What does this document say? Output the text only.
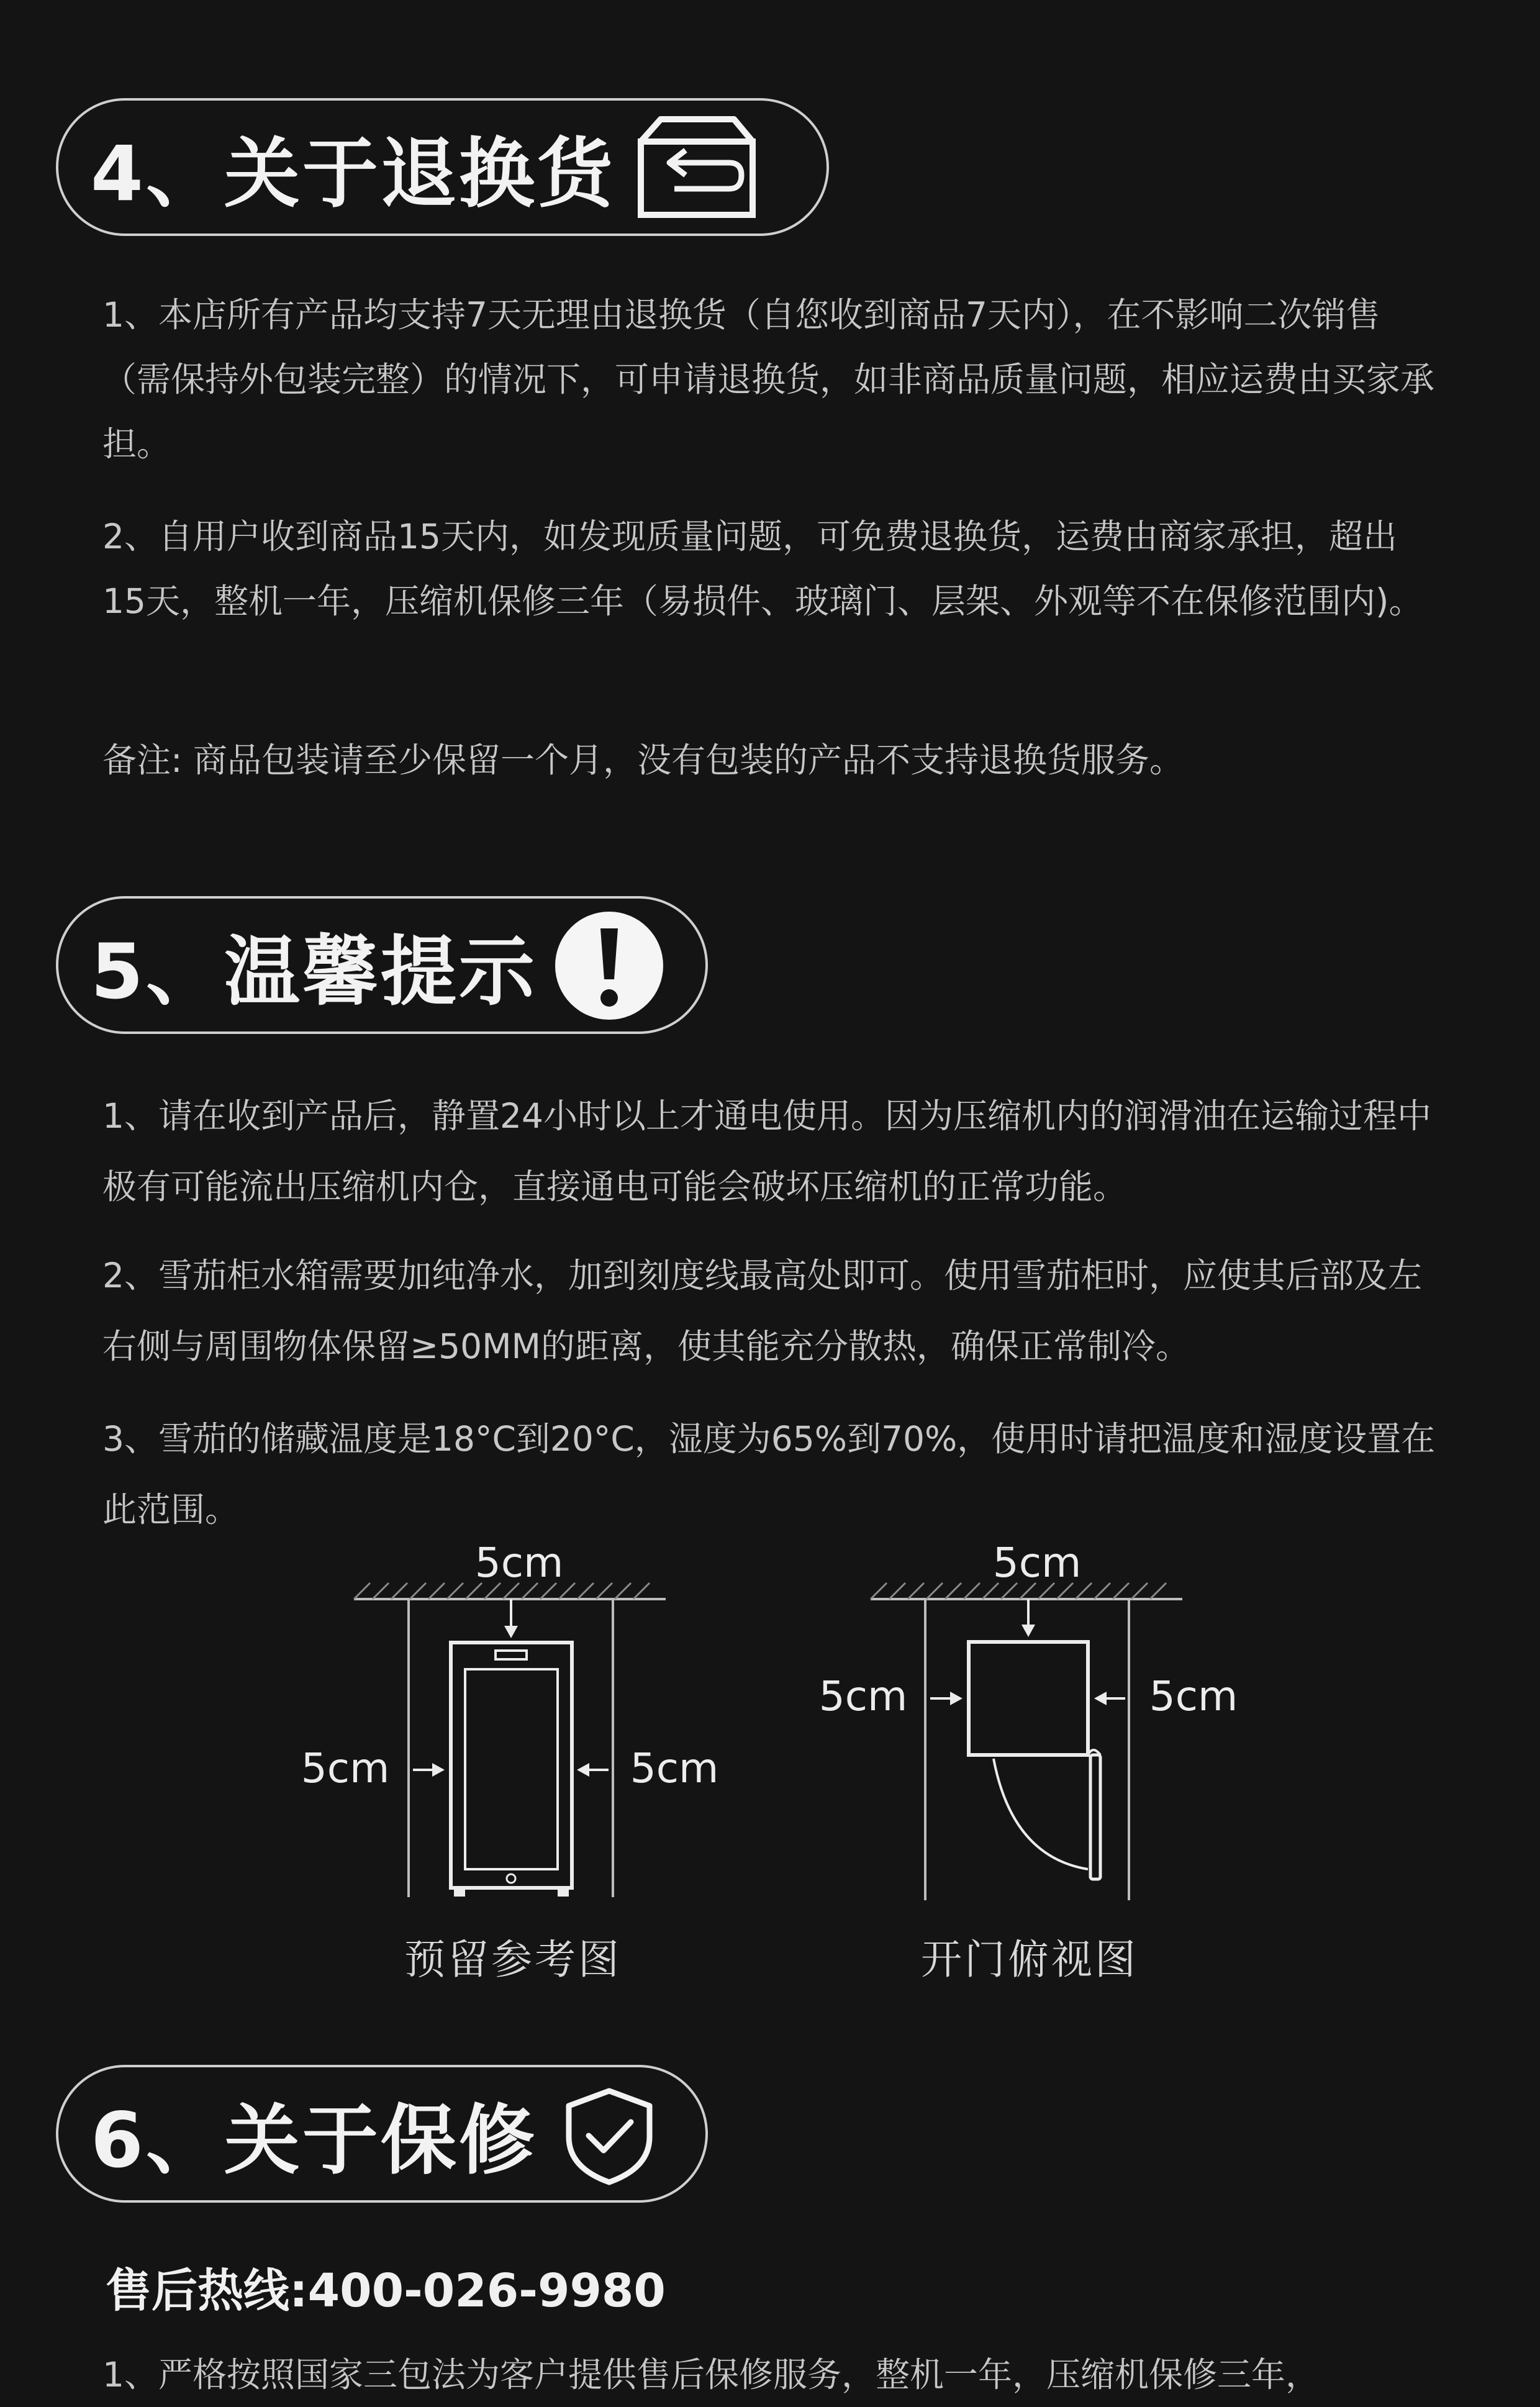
4、关于退换货

1、本店所有产品均支持7天无理由退换货（自您收到商品7天内），在不影响二次销售（需保持外包装完整）的情况下，可申请退换货，如非商品质量问题，相应运费由买家承担。

2、自用户收到商品15天内，如发现质量问题，可免费退换货，运费由商家承担，超出15天，整机一年，压缩机保修三年（易损件、玻璃门、层架、外观等不在保修范围内)。

备注: 商品包装请至少保留一个月，没有包装的产品不支持退换货服务。

5、温馨提示

1、请在收到产品后，静置24小时以上才通电使用。因为压缩机内的润滑油在运输过程中极有可能流出压缩机内仓，直接通电可能会破坏压缩机的正常功能。

2、雪茄柜水箱需要加纯净水，加到刻度线最高处即可。使用雪茄柜时，应使其后部及左右侧与周围物体保留≥50MM的距离，使其能充分散热，确保正常制冷。

3、雪茄的储藏温度是18°C到20°C，湿度为65%到70%，使用时请把温度和湿度设置在此范围。

5cm
5cm	5cm
预留参考图
5cm
5cm	5cm
开门俯视图
6、关于保修
售后热线:400-026-9980
1、严格按照国家三包法为客户提供售后保修服务，整机一年，压缩机保修三年，
